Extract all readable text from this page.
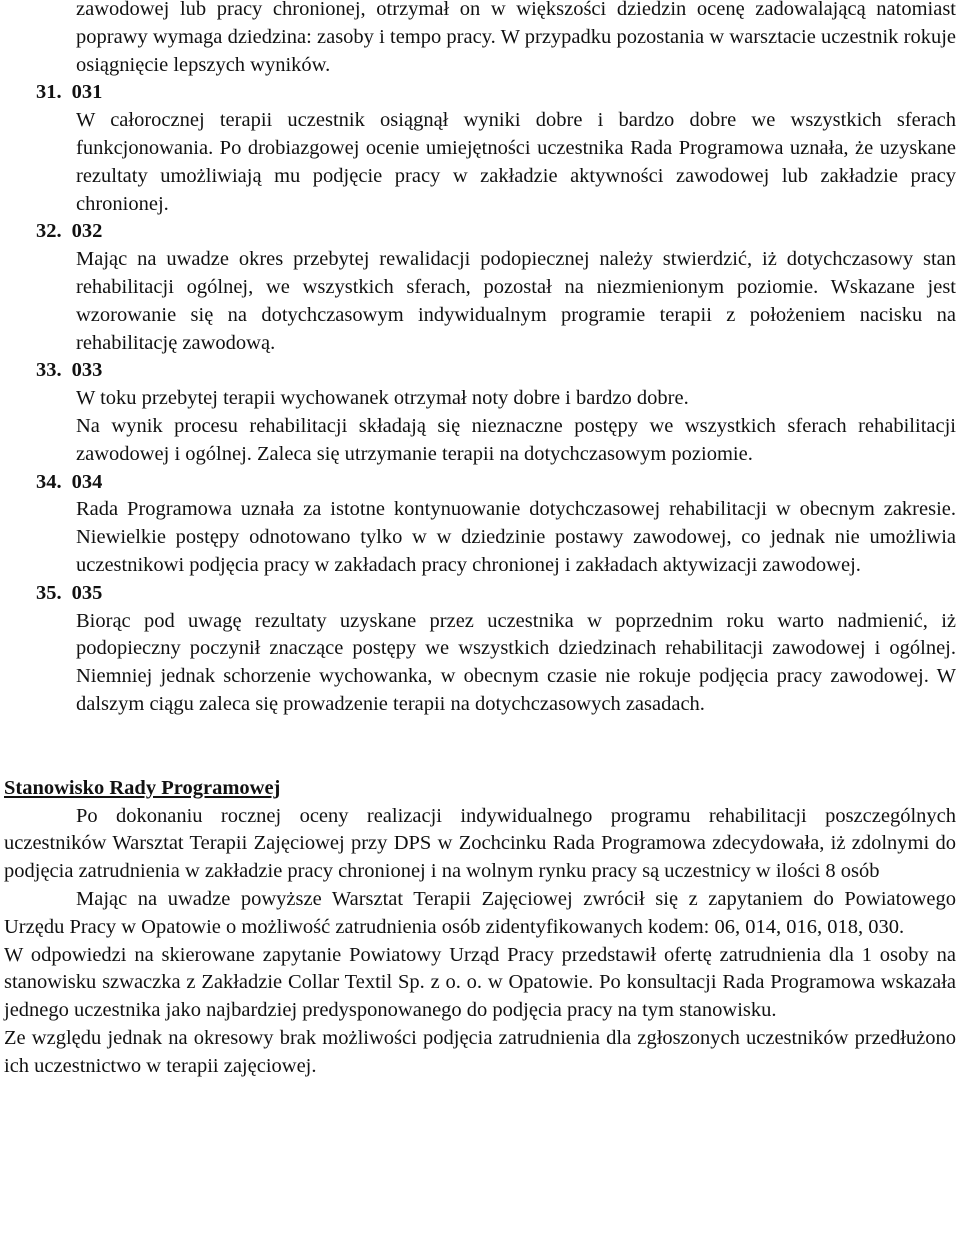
zawodowej lub pracy chronionej, otrzymał on w większości dziedzin ocenę zadowalającą natomiast poprawy wymaga dziedzina: zasoby i tempo pracy. W przypadku pozostania w warsztacie uczestnik rokuje osiągnięcie lepszych wyników.

31. 031

W całorocznej terapii uczestnik osiągnął wyniki dobre i bardzo dobre we wszystkich sferach funkcjonowania. Po drobiazgowej ocenie umiejętności uczestnika Rada Programowa uznała, że uzyskane rezultaty umożliwiają mu podjęcie pracy w zakładzie aktywności zawodowej lub zakładzie pracy chronionej.

32. 032

Mając na uwadze okres przebytej rewalidacji podopiecznej należy stwierdzić, iż dotychczasowy stan rehabilitacji ogólnej, we wszystkich sferach, pozostał na niezmienionym poziomie. Wskazane jest wzorowanie się na dotychczasowym indywidualnym programie terapii z położeniem nacisku na rehabilitację zawodową.

33. 033

W toku przebytej terapii wychowanek otrzymał noty dobre i bardzo dobre.

Na wynik procesu rehabilitacji składają się nieznaczne postępy we wszystkich sferach rehabilitacji zawodowej i ogólnej. Zaleca się utrzymanie terapii na dotychczasowym poziomie.

34. 034

Rada Programowa uznała za istotne kontynuowanie dotychczasowej rehabilitacji w obecnym zakresie. Niewielkie postępy odnotowano tylko w w dziedzinie postawy zawodowej, co jednak nie umożliwia uczestnikowi podjęcia pracy w zakładach pracy chronionej i zakładach aktywizacji zawodowej.

35. 035

Biorąc pod uwagę rezultaty uzyskane przez uczestnika w poprzednim roku warto nadmienić, iż podopieczny poczynił znaczące postępy we wszystkich dziedzinach rehabilitacji zawodowej i ogólnej. Niemniej jednak schorzenie wychowanka, w obecnym czasie nie rokuje podjęcia pracy zawodowej. W dalszym ciągu zaleca się prowadzenie terapii na dotychczasowych zasadach.

Stanowisko Rady Programowej

Po dokonaniu rocznej oceny realizacji indywidualnego programu rehabilitacji poszczególnych uczestników Warsztat Terapii Zajęciowej przy DPS w Zochcinku Rada Programowa zdecydowała, iż zdolnymi do podjęcia zatrudnienia w zakładzie pracy chronionej i na wolnym rynku pracy są uczestnicy w ilości 8 osób

Mając na uwadze powyższe Warsztat Terapii Zajęciowej zwrócił się z zapytaniem do Powiatowego Urzędu Pracy w Opatowie o możliwość zatrudnienia osób zidentyfikowanych kodem: 06, 014, 016, 018, 030.

W odpowiedzi na skierowane zapytanie Powiatowy Urząd Pracy przedstawił ofertę zatrudnienia dla 1 osoby na stanowisku szwaczka z Zakładzie Collar Textil Sp. z o. o. w Opatowie. Po konsultacji Rada Programowa wskazała jednego uczestnika jako najbardziej predysponowanego do podjęcia pracy na tym stanowisku.

Ze względu jednak na okresowy brak możliwości podjęcia zatrudnienia dla zgłoszonych uczestników przedłużono ich uczestnictwo w terapii zajęciowej.
